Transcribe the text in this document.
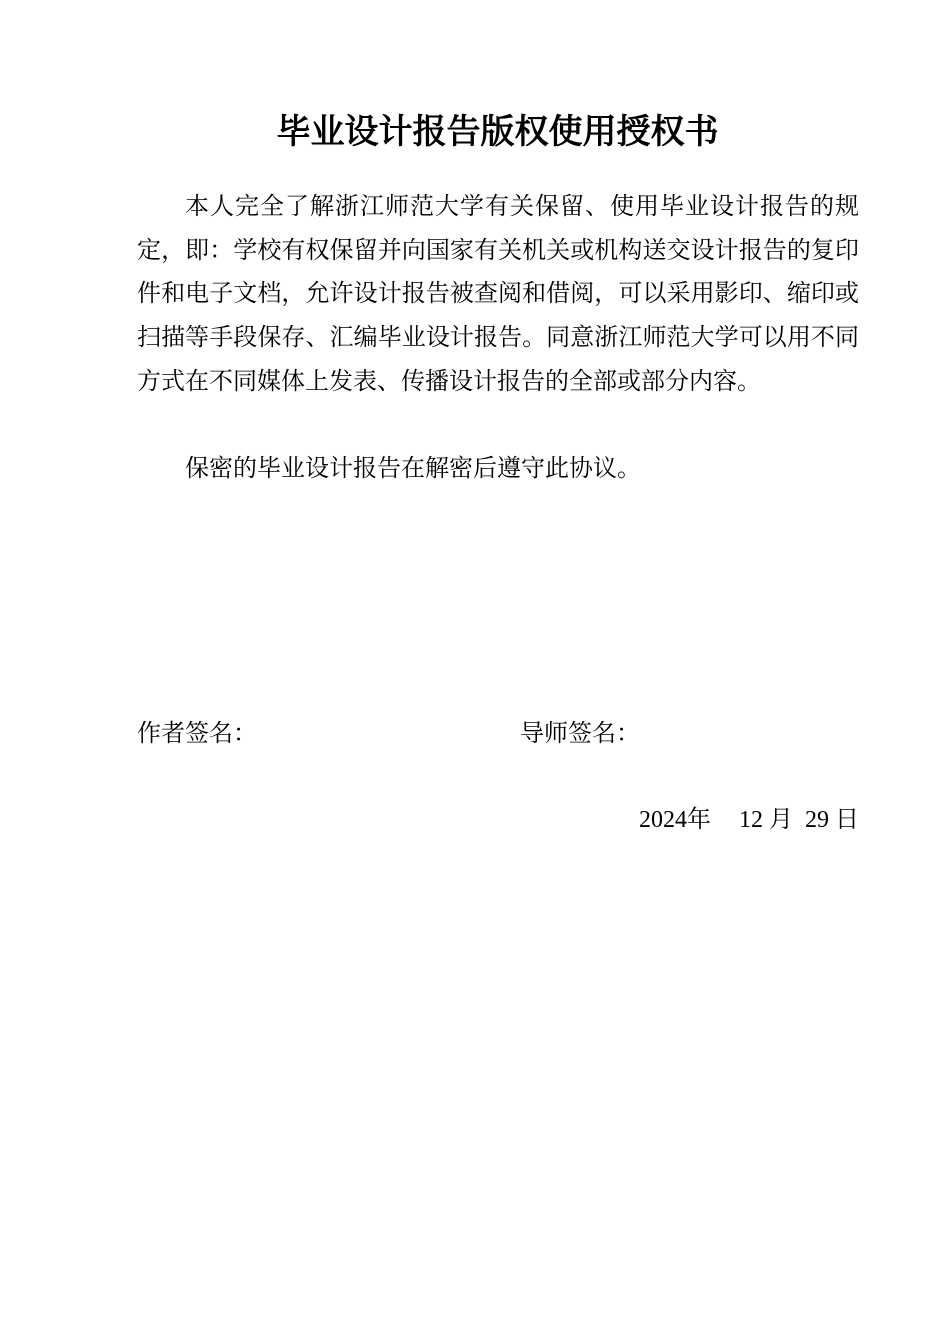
毕业设计报告版权使用授权书

本人完全了解浙江师范大学有关保留、使用毕业设计报告的规定，即：学校有权保留并向国家有关机关或机构送交设计报告的复印件和电子文档，允许设计报告被查阅和借阅，可以采用影印、缩印或扫描等手段保存、汇编毕业设计报告。同意浙江师范大学可以用不同方式在不同媒体上发表、传播设计报告的全部或部分内容。

保密的毕业设计报告在解密后遵守此协议。

作者签名：	导师签名：
2024年 12 月 29 日
